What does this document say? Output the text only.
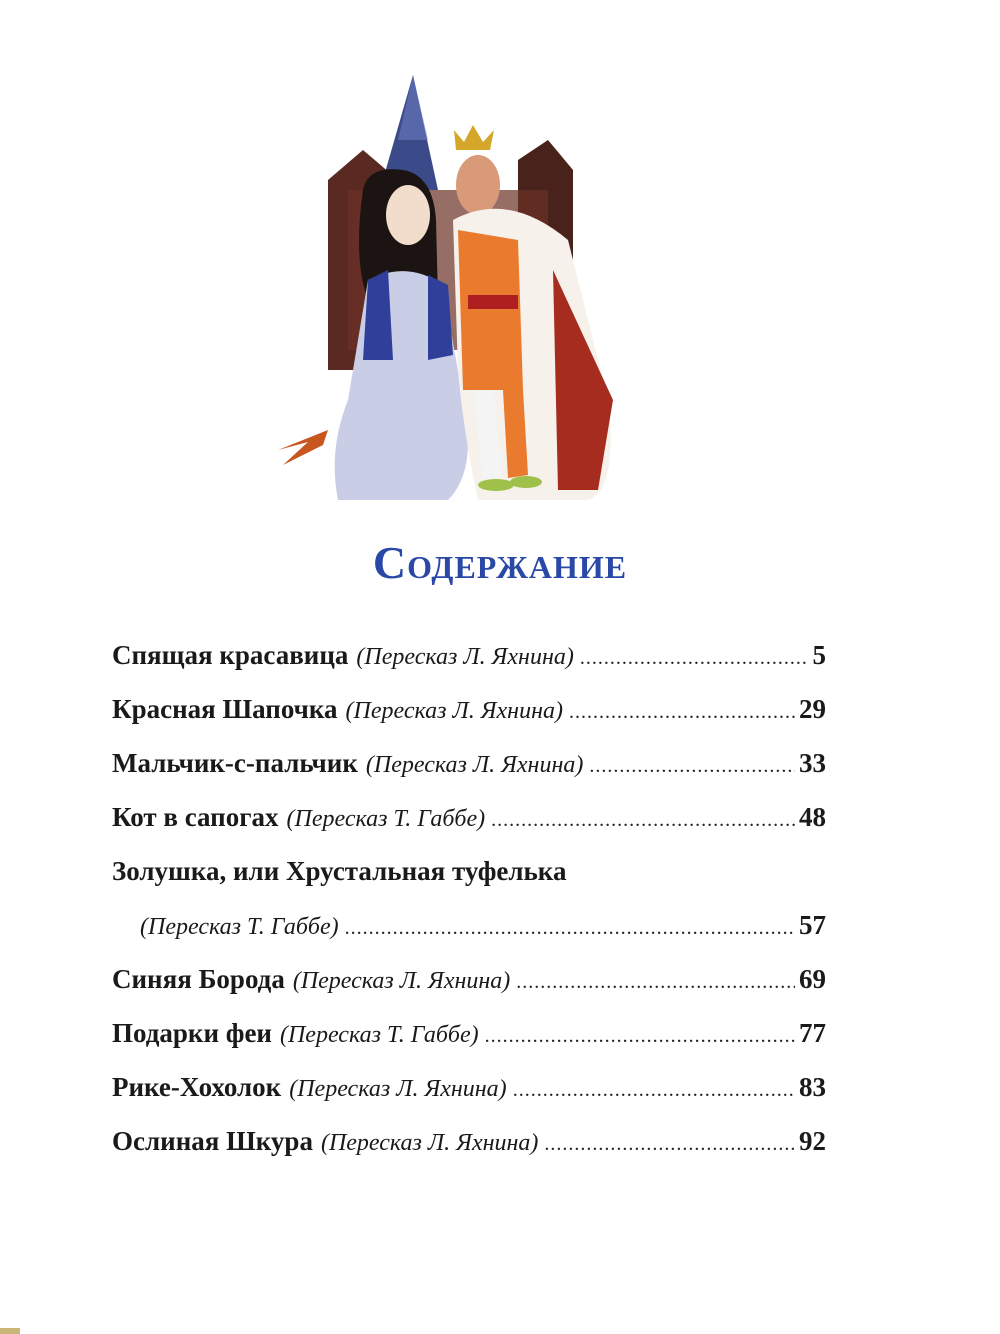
Содержание
Спящая красавица (Пересказ Л. Яхнина) .....	5
Красная Шапочка (Пересказ Л. Яхнина) .....	29
Мальчик-с-пальчик (Пересказ Л. Яхнина) .....	33
Кот в сапогах (Пересказ Т. Габбе) .....	48
Золушка, или Хрустальная туфелька
(Пересказ Т. Габбе) .....	57
Синяя Борода (Пересказ Л. Яхнина) .....	69
Подарки феи (Пересказ Т. Габбе) .....	77
Рике-Хохолок (Пересказ Л. Яхнина) .....	83
Ослиная Шкура (Пересказ Л. Яхнина) .....	92
